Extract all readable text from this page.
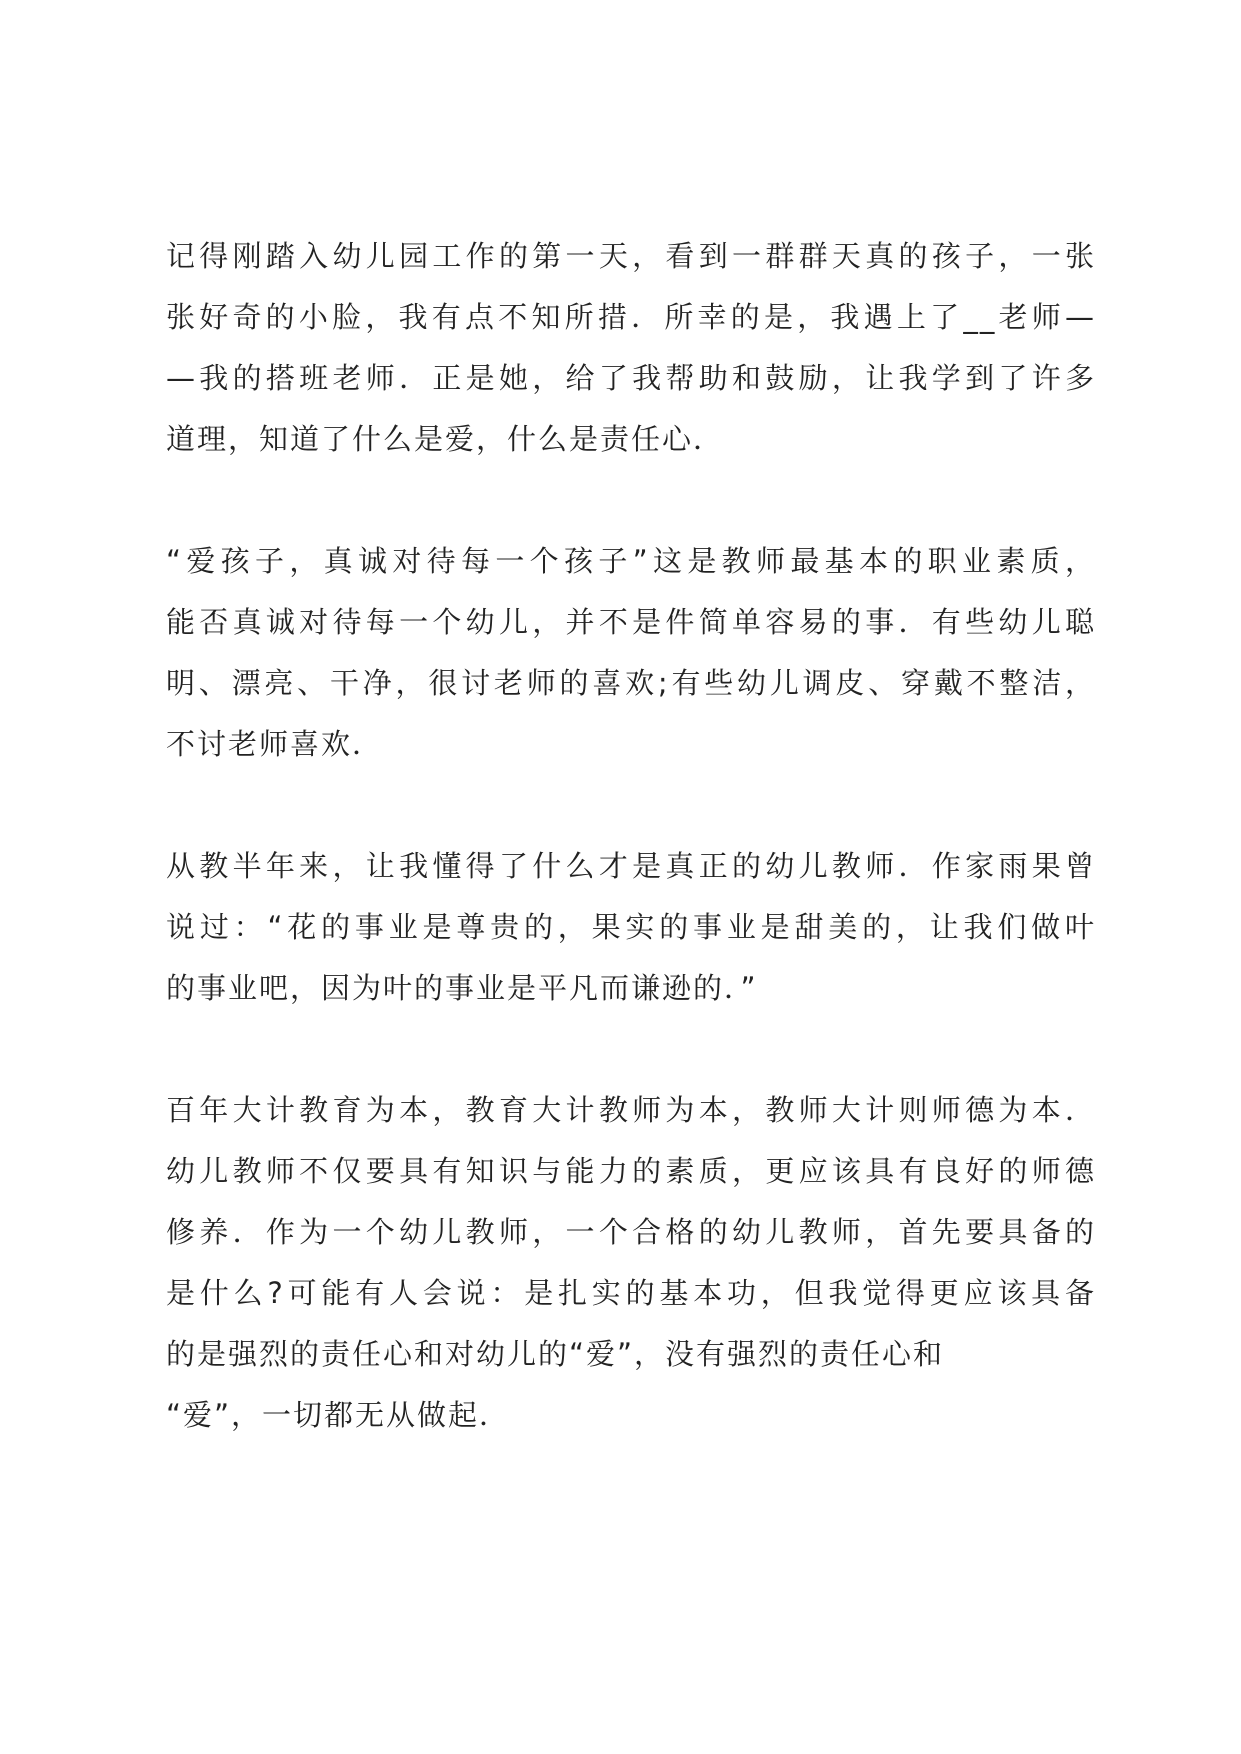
记得刚踏入幼儿园工作的第一天，看到一群群天真的孩子，一张
张好奇的小脸，我有点不知所措．所幸的是，我遇上了__老师—
—我的搭班老师．正是她，给了我帮助和鼓励，让我学到了许多
道理，知道了什么是爱，什么是责任心．

“爱孩子，真诚对待每一个孩子”这是教师最基本的职业素质，
能否真诚对待每一个幼儿，并不是件简单容易的事．有些幼儿聪
明、漂亮、干净，很讨老师的喜欢;有些幼儿调皮、穿戴不整洁，
不讨老师喜欢．

从教半年来，让我懂得了什么才是真正的幼儿教师．作家雨果曾
说过：“花的事业是尊贵的，果实的事业是甜美的，让我们做叶
的事业吧，因为叶的事业是平凡而谦逊的．”

百年大计教育为本，教育大计教师为本，教师大计则师德为本．
幼儿教师不仅要具有知识与能力的素质，更应该具有良好的师德
修养．作为一个幼儿教师，一个合格的幼儿教师，首先要具备的
是什么?可能有人会说：是扎实的基本功，但我觉得更应该具备
的是强烈的责任心和对幼儿的“爱”，没有强烈的责任心和
“爱”，一切都无从做起．
